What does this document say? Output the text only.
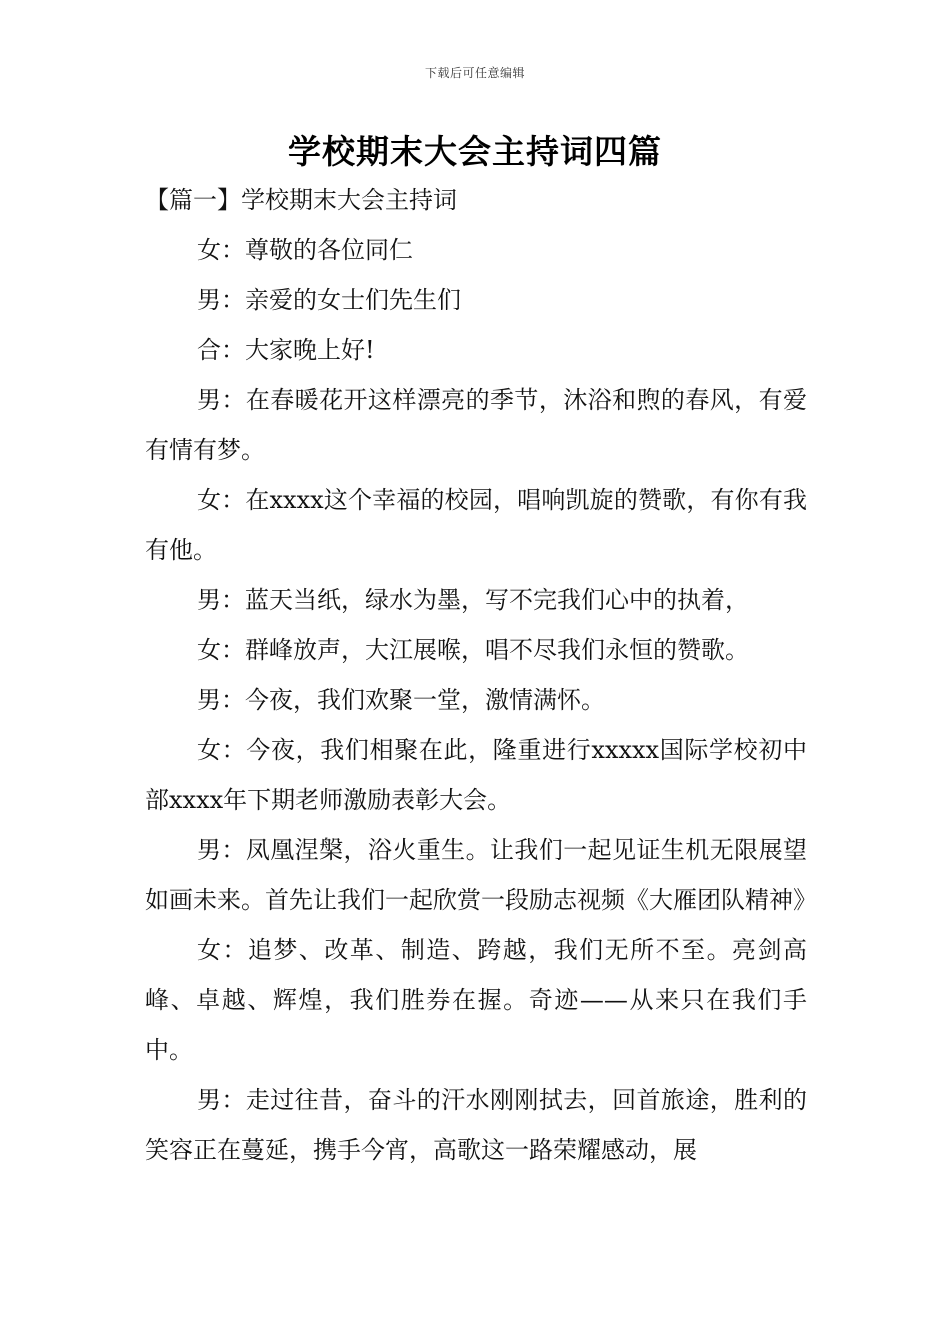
下载后可任意编辑
学校期末大会主持词四篇

【篇一】学校期末大会主持词

女：尊敬的各位同仁

男：亲爱的女士们先生们

合：大家晚上好!

男：在春暖花开这样漂亮的季节，沐浴和煦的春风，有爱有情有梦。

女：在xxxx这个幸福的校园，唱响凯旋的赞歌，有你有我有他。

男：蓝天当纸，绿水为墨，写不完我们心中的执着，

女：群峰放声，大江展喉，唱不尽我们永恒的赞歌。

男：今夜，我们欢聚一堂，激情满怀。

女：今夜，我们相聚在此，隆重进行xxxxx国际学校初中部xxxx年下期老师激励表彰大会。

男：凤凰涅槃，浴火重生。让我们一起见证生机无限展望如画未来。首先让我们一起欣赏一段励志视频《大雁团队精神》

女：追梦、改革、制造、跨越，我们无所不至。亮剑高峰、卓越、辉煌，我们胜券在握。奇迹——从来只在我们手中。

男：走过往昔，奋斗的汗水刚刚拭去，回首旅途，胜利的笑容正在蔓延，携手今宵，高歌这一路荣耀感动，展
